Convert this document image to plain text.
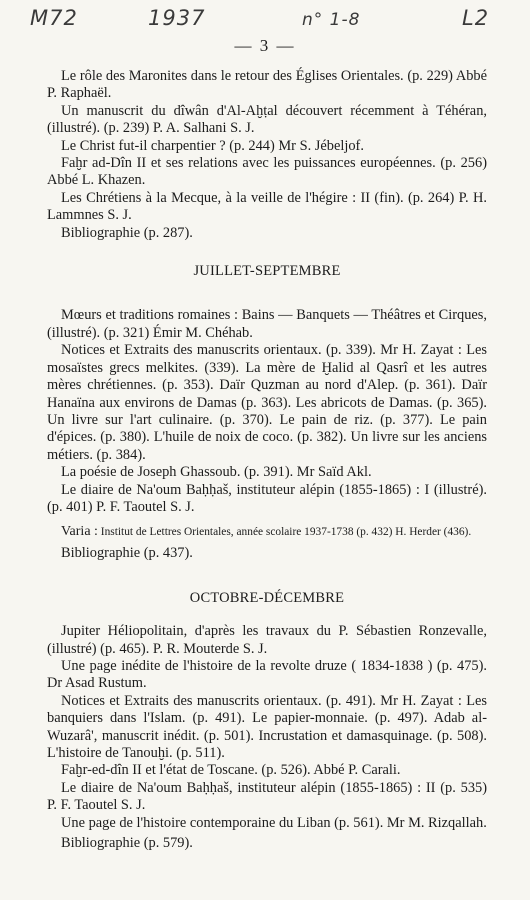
M72	1937	n° 1-8	L2
— 3 —

Le rôle des Maronites dans le retour des Églises Orientales. (p. 229) Abbé P. Raphaël.

Un manuscrit du dîwân d'Al-Aḫṭal découvert récemment à Téhéran, (illustré). (p. 239) P. A. Salhani S. J.

Le Christ fut-il charpentier ? (p. 244) Mr S. Jébeljof.

Faḫr ad-Dîn II et ses relations avec les puissances européennes. (p. 256) Abbé L. Khazen.

Les Chrétiens à la Mecque, à la veille de l'hégire : II (fin). (p. 264) P. H. Lammnes S. J.

Bibliographie (p. 287).

JUILLET-SEPTEMBRE

Mœurs et traditions romaines : Bains — Banquets — Théâtres et Cirques, (illustré). (p. 321) Émir M. Chéhab.

Notices et Extraits des manuscrits orientaux. (p. 339). Mr H. Zayat : Les mosaïstes grecs melkites. (339). La mère de Ḫalid al Qasrî et les autres mères chrétiennes. (p. 353). Daïr Quzman au nord d'Alep. (p. 361). Daïr Hanaïna aux environs de Damas (p. 363). Les abricots de Damas. (p. 365). Un livre sur l'art culinaire. (p. 370). Le pain de riz. (p. 377). Le pain d'épices. (p. 380). L'huile de noix de coco. (p. 382). Un livre sur les anciens métiers. (p. 384).

La poésie de Joseph Ghassoub. (p. 391). Mr Saïd Akl.

Le diaire de Na'oum Baḥḥaš, instituteur alépin (1855-1865) : I (illustré). (p. 401) P. F. Taoutel S. J.

Varia : Institut de Lettres Orientales, année scolaire 1937-1738 (p. 432) H. Herder (436).

Bibliographie (p. 437).

OCTOBRE-DÉCEMBRE

Jupiter Héliopolitain, d'après les travaux du P. Sébastien Ronzevalle, (illustré) (p. 465). P. R. Mouterde S. J.

Une page inédite de l'histoire de la revolte druze ( 1834-1838 ) (p. 475). Dr Asad Rustum.

Notices et Extraits des manuscrits orientaux. (p. 491). Mr H. Zayat : Les banquiers dans l'Islam. (p. 491). Le papier-monnaie. (p. 497). Adab al-Wuzarâ', manuscrit inédit. (p. 501). Incrustation et damasquinage. (p. 508). L'histoire de Tanouḫi. (p. 511).

Faḫr-ed-dîn II et l'état de Toscane. (p. 526). Abbé P. Carali.

Le diaire de Na'oum Baḥḥaš, instituteur alépin (1855-1865) : II (p. 535) P. F. Taoutel S. J.

Une page de l'histoire contemporaine du Liban (p. 561). Mr M. Rizqallah.

Bibliographie (p. 579).
